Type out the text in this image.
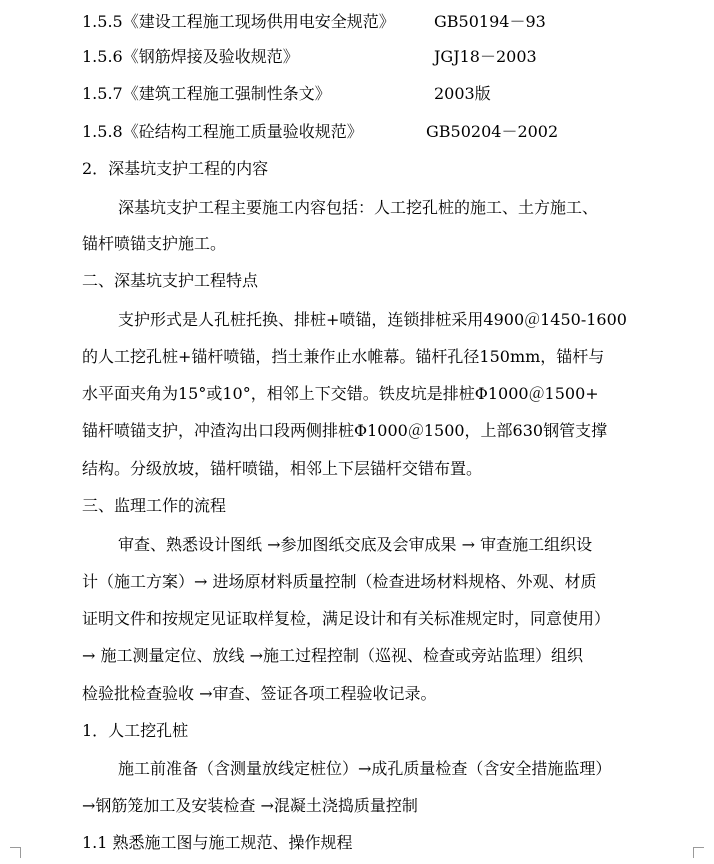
1.5.5《建设工程施工现场供用电安全规范》	GB50194－93
1.5.6《钢筋焊接及验收规范》	JGJ18－2003
1.5.7《建筑工程施工强制性条文》	2003版
1.5.8《砼结构工程施工质量验收规范》	GB50204－2002
2．深基坑支护工程的内容
深基坑支护工程主要施工内容包括：人工挖孔桩的施工、土方施工、
锚杆喷锚支护施工。
二、深基坑支护工程特点
支护形式是人孔桩托换、排桩+喷锚，连锁排桩采用4900＠1450-1600
的人工挖孔桩+锚杆喷锚，挡土兼作止水帷幕。锚杆孔径150mm，锚杆与
水平面夹角为15°或10°，相邻上下交错。铁皮坑是排桩Φ1000＠1500+
锚杆喷锚支护，冲渣沟出口段两侧排桩Φ1000＠1500，上部630钢管支撑
结构。分级放坡，锚杆喷锚，相邻上下层锚杆交错布置。
三、监理工作的流程
审查、熟悉设计图纸 →参加图纸交底及会审成果 → 审查施工组织设
计（施工方案）→ 进场原材料质量控制（检查进场材料规格、外观、材质
证明文件和按规定见证取样复检，满足设计和有关标准规定时，同意使用）
→ 施工测量定位、放线 →施工过程控制（巡视、检查或旁站监理）组织
检验批检查验收 →审查、签证各项工程验收记录。
1．人工挖孔桩
施工前准备（含测量放线定桩位）→成孔质量检查（含安全措施监理）
→钢筋笼加工及安装检查 →混凝土浇捣质量控制
1.1 熟悉施工图与施工规范、操作规程
